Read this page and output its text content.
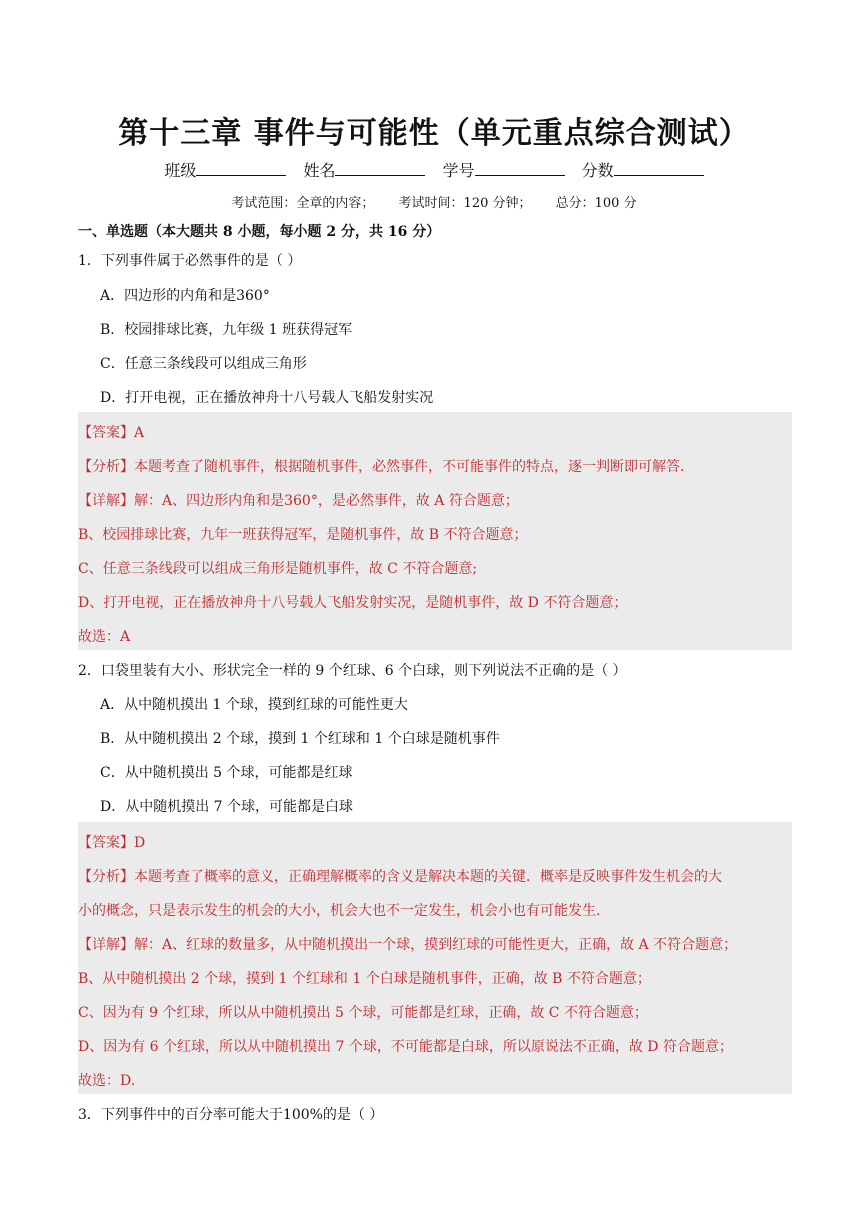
第十三章 事件与可能性（单元重点综合测试）
班级	姓名	学号	分数
考试范围：全章的内容； 考试时间：120 分钟； 总分：100 分
一、单选题（本大题共 8 小题，每小题 2 分，共 16 分）
1．下列事件属于必然事件的是（ ）
A．四边形的内角和是360°
B．校园排球比赛，九年级 1 班获得冠军
C．任意三条线段可以组成三角形
D．打开电视，正在播放神舟十八号载人飞船发射实况
【答案】A
【分析】本题考查了随机事件，根据随机事件，必然事件，不可能事件的特点，逐一判断即可解答.
【详解】解：A、四边形内角和是360°，是必然事件，故 A 符合题意；
B、校园排球比赛，九年一班获得冠军，是随机事件，故 B 不符合题意；
C、任意三条线段可以组成三角形是随机事件，故 C 不符合题意;
D、打开电视，正在播放神舟十八号载人飞船发射实况，是随机事件，故 D 不符合题意；
故选：A
2．口袋里装有大小、形状完全一样的 9 个红球、6 个白球，则下列说法不正确的是（ ）
A．从中随机摸出 1 个球，摸到红球的可能性更大
B．从中随机摸出 2 个球，摸到 1 个红球和 1 个白球是随机事件
C．从中随机摸出 5 个球，可能都是红球
D．从中随机摸出 7 个球，可能都是白球
【答案】D
【分析】本题考查了概率的意义，正确理解概率的含义是解决本题的关键．概率是反映事件发生机会的大
小的概念，只是表示发生的机会的大小，机会大也不一定发生，机会小也有可能发生.
【详解】解：A、红球的数量多，从中随机摸出一个球，摸到红球的可能性更大，正确，故 A 不符合题意；
B、从中随机摸出 2 个球，摸到 1 个红球和 1 个白球是随机事件，正确，故 B 不符合题意；
C、因为有 9 个红球，所以从中随机摸出 5 个球，可能都是红球，正确，故 C 不符合题意；
D、因为有 6 个红球，所以从中随机摸出 7 个球，不可能都是白球，所以原说法不正确，故 D 符合题意；
故选：D.
3．下列事件中的百分率可能大于100%的是（ ）
